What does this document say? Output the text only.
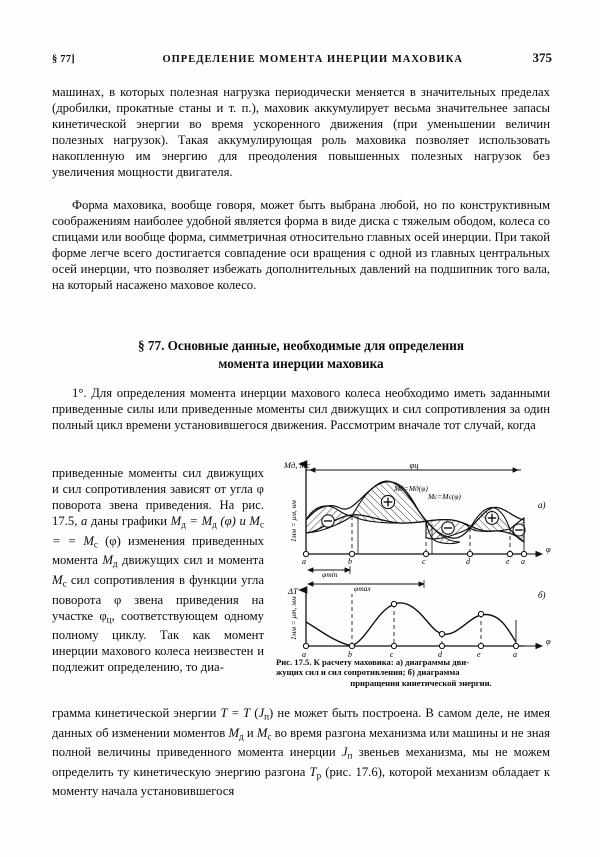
§ 77]	ОПРЕДЕЛЕНИЕ МОМЕНТА ИНЕРЦИИ МАХОВИКА	375

машинах, в которых полезная нагрузка периодически меняется в значительных пределах (дробилки, прокатные станы и т. п.), маховик аккумулирует весьма значительнее запасы кинетической энергии во время ускоренного движения (при уменьшении величин полезных нагрузок). Такая аккумулирующая роль маховика позволяет использовать накопленную им энергию для преодоления повышенных полезных нагрузок без увеличения мощности двигателя.

Форма маховика, вообще говоря, может быть выбрана любой, но по конструктивным соображениям наиболее удобной является форма в виде диска с тяжелым ободом, колеса со спицами или вообще форма, симметричная относительно главных осей инерции. При такой форме легче всего достигается совпадение оси вращения с одной из главных центральных осей инерции, что позволяет избежать дополнительных давлений на подшипник того вала, на который насажено маховое колесо.

§ 77. Основные данные, необходимые для определения
момента инерции маховика

1°. Для определения момента инерции махового колеса необходимо иметь заданными приведенные силы или приведенные моменты сил движущих и сил сопротивления за один полный цикл времени установившегося движения. Рассмотрим вначале тот случай, когда

приведенные моменты сил движущих и сил сопротивления зависят от угла φ поворота звена приведения. На рис. 17.5, а даны графики $M_д = M_д$ (φ) и $M_с$ = = $M_с$ (φ) изменения приведенных момента $M_д$ движущих сил и момента $M_с$ сил сопротивления в функции угла поворота φ звена приведения на участке $\varphi_ц$, соответствующем одному полному циклу. Так как момент инерции махового колеса неизвестен и подлежит определению, то диа-

φц
Mд=Mд(φ)
Mс=Mс(φ)
φ
a	b	c	d	e a
Mд, Mc
1мм = μм, нм
φmin
φmax
а)
φ
a	b	c	d	e	a
ΔT
1мм = μт, мм
б)
Рис. 17.5. К расчету маховика: а) диаграммы дви-
жущих сил и сил сопротивления; б) диаграмма
приращения кинетической энергии.

грамма кинетической энергии T = T $(J_п)$ не может быть построена. В самом деле, не имея данных об изменении моментов $M_д$ и $M_с$ во время разгона механизма или машины и не зная полной величины приведенного момента инерции $J_п$ звеньев механизма, мы не можем определить ту кинетическую энергию разгона $T_р$ (рис. 17.6), которой механизм обладает к моменту начала установившегося
